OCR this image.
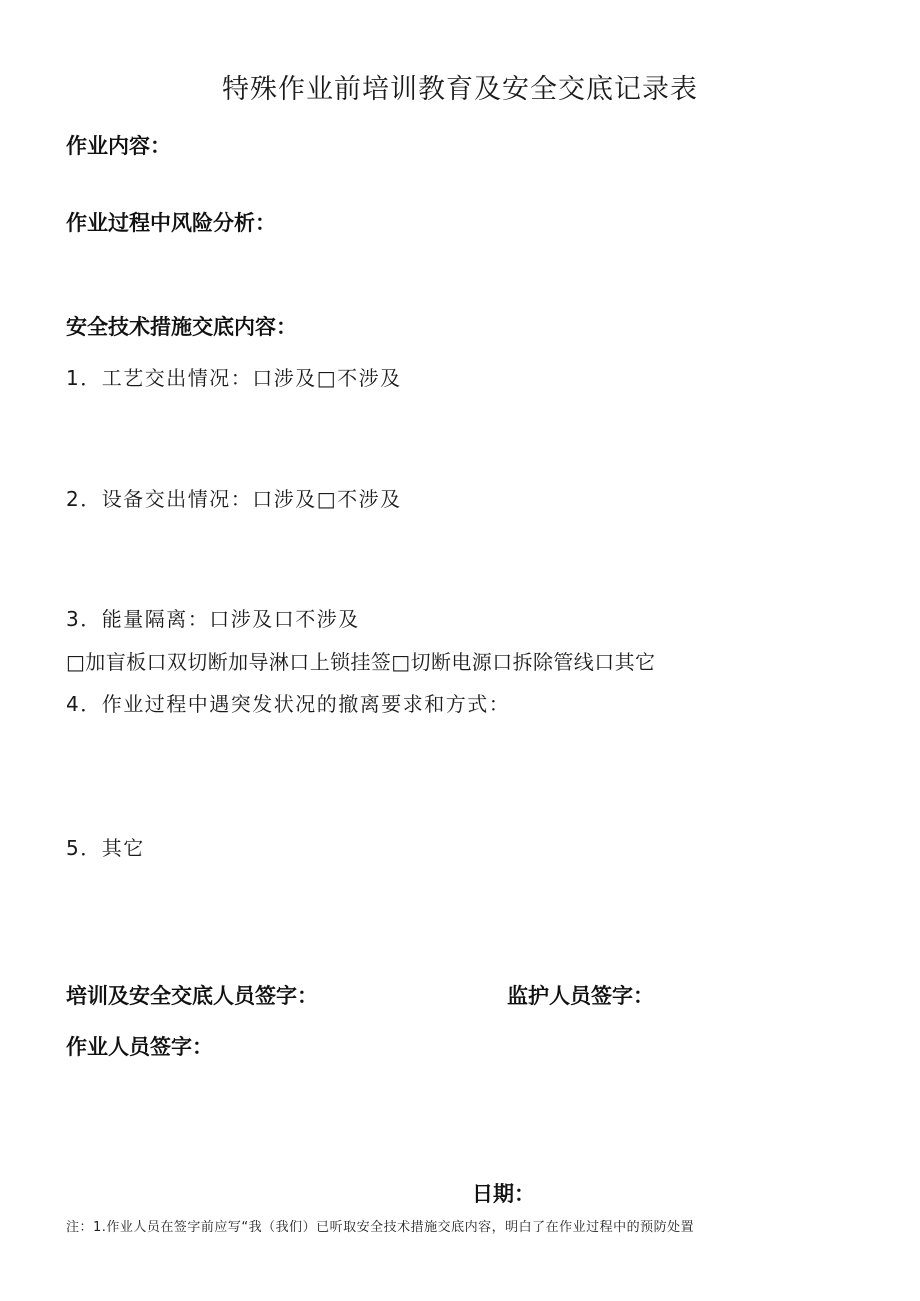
特殊作业前培训教育及安全交底记录表
作业内容：
作业过程中风险分析：
安全技术措施交底内容：
1．工艺交出情况：口涉及□不涉及
2．设备交出情况：口涉及□不涉及
3．能量隔离：口涉及口不涉及
□加盲板口双切断加导淋口上锁挂签□切断电源口拆除管线口其它
4．作业过程中遇突发状况的撤离要求和方式：
5．其它
培训及安全交底人员签字：	监护人员签字：
作业人员签字：
日期：
注：1.作业人员在签字前应写“我（我们）已听取安全技术措施交底内容，明白了在作业过程中的预防处置
